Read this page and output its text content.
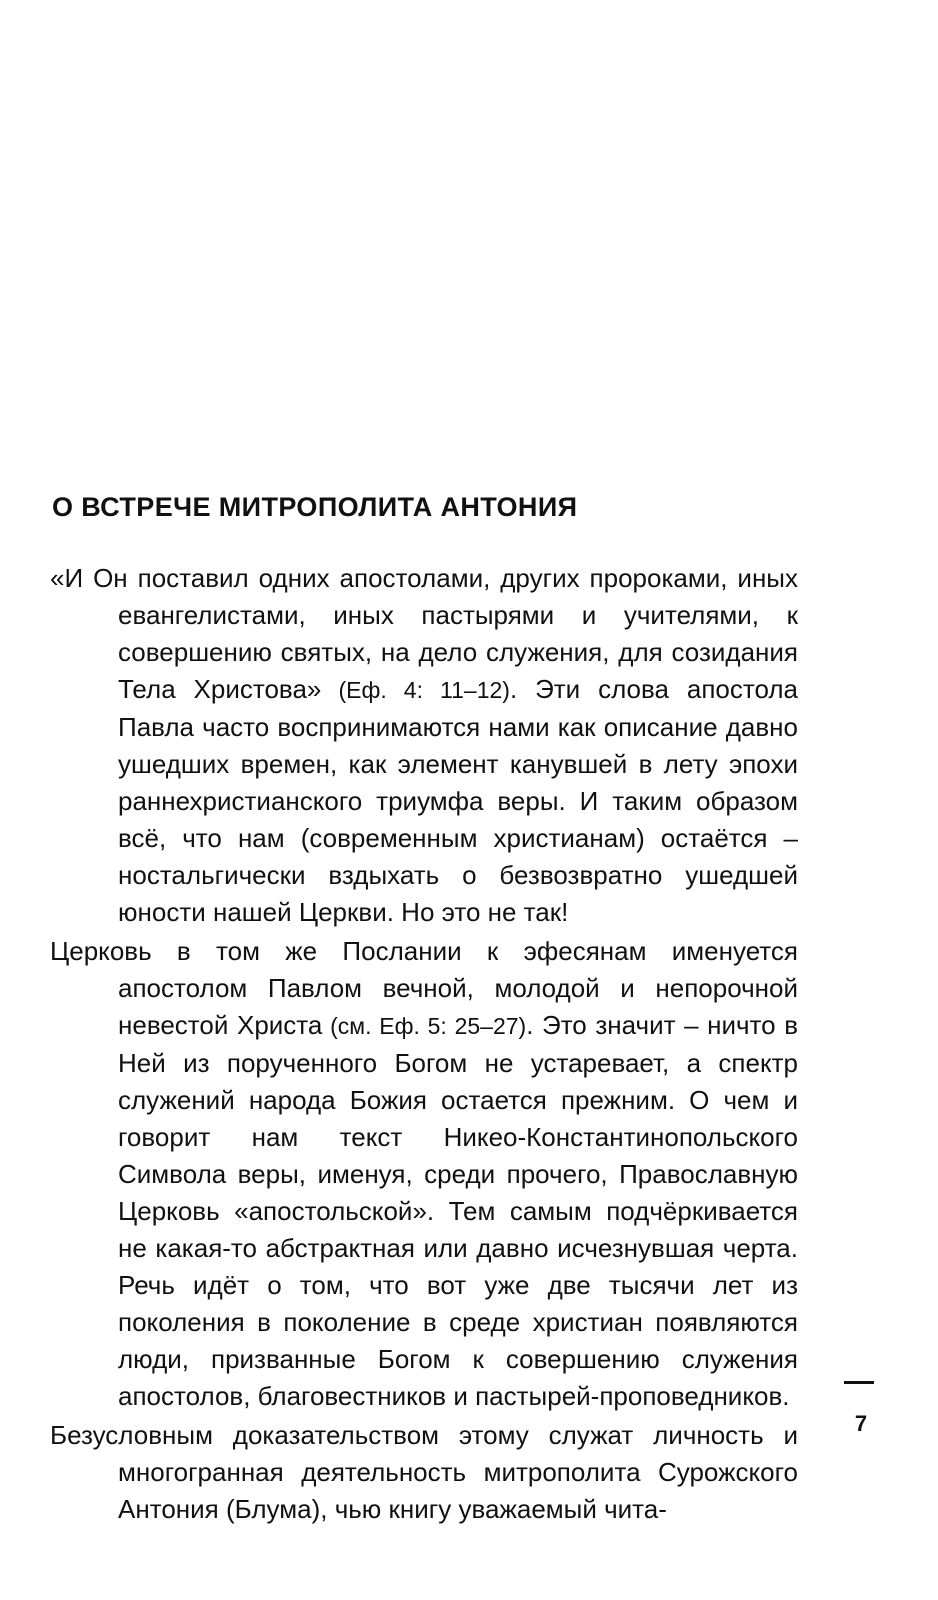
О ВСТРЕЧЕ МИТРОПОЛИТА АНТОНИЯ

«И Он поставил одних апостолами, других пророками, иных евангелистами, иных пастырями и учителями, к совершению святых, на дело служения, для созидания Тела Христова» (Еф. 4: 11–12). Эти слова апостола Павла часто воспринимаются нами как описание давно ушедших времен, как элемент канувшей в лету эпохи раннехристианского триумфа веры. И таким образом всё, что нам (современным христианам) остаётся – ностальгически вздыхать о безвозвратно ушедшей юности нашей Церкви. Но это не так!

Церковь в том же Послании к эфесянам именуется апостолом Павлом вечной, молодой и непорочной невестой Христа (см. Еф. 5: 25–27). Это значит – ничто в Ней из порученного Богом не устаревает, а спектр служений народа Божия остается прежним. О чем и говорит нам текст Никео-Константинопольского Символа веры, именуя, среди прочего, Православную Церковь «апостольской». Тем самым подчёркивается не какая-то абстрактная или давно исчезнувшая черта. Речь идёт о том, что вот уже две тысячи лет из поколения в поколение в среде христиан появляются люди, призванные Богом к совершению служения апостолов, благовестников и пастырей-проповедников.

Безусловным доказательством этому служат личность и многогранная деятельность митрополита Сурожского Антония (Блума), чью книгу уважаемый чита-

7
